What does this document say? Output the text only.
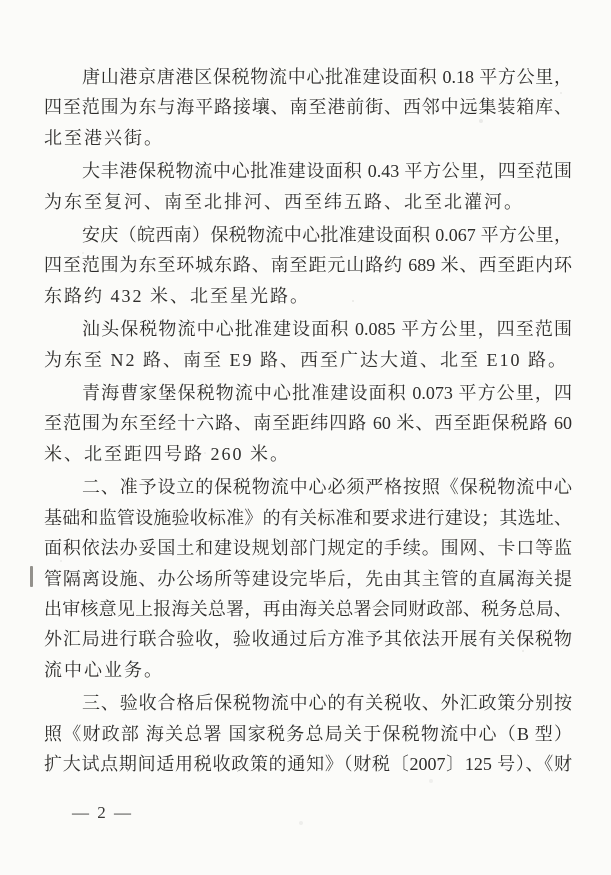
唐山港京唐港区保税物流中心批准建设面积 0.18 平方公里，
四至范围为东与海平路接壤、南至港前街、西邻中远集装箱库、
北至港兴街。

大丰港保税物流中心批准建设面积 0.43 平方公里，四至范围
为东至复河、南至北排河、西至纬五路、北至北灌河。

安庆（皖西南）保税物流中心批准建设面积 0.067 平方公里，
四至范围为东至环城东路、南至距元山路约 689 米、西至距内环
东路约 432 米、北至星光路。

汕头保税物流中心批准建设面积 0.085 平方公里，四至范围
为东至 N2 路、南至 E9 路、西至广达大道、北至 E10 路。

青海曹家堡保税物流中心批准建设面积 0.073 平方公里，四
至范围为东至经十六路、南至距纬四路 60 米、西至距保税路 60
米、北至距四号路 260 米。

二、准予设立的保税物流中心必须严格按照《保税物流中心
基础和监管设施验收标准》的有关标准和要求进行建设；其选址、
面积依法办妥国土和建设规划部门规定的手续。围网、卡口等监
管隔离设施、办公场所等建设完毕后，先由其主管的直属海关提
出审核意见上报海关总署，再由海关总署会同财政部、税务总局、
外汇局进行联合验收，验收通过后方准予其依法开展有关保税物
流中心业务。

三、验收合格后保税物流中心的有关税收、外汇政策分别按
照《财政部 海关总署 国家税务总局关于保税物流中心（B 型）
扩大试点期间适用税收政策的通知》（财税〔2007〕125 号）、《财

— 2 —
